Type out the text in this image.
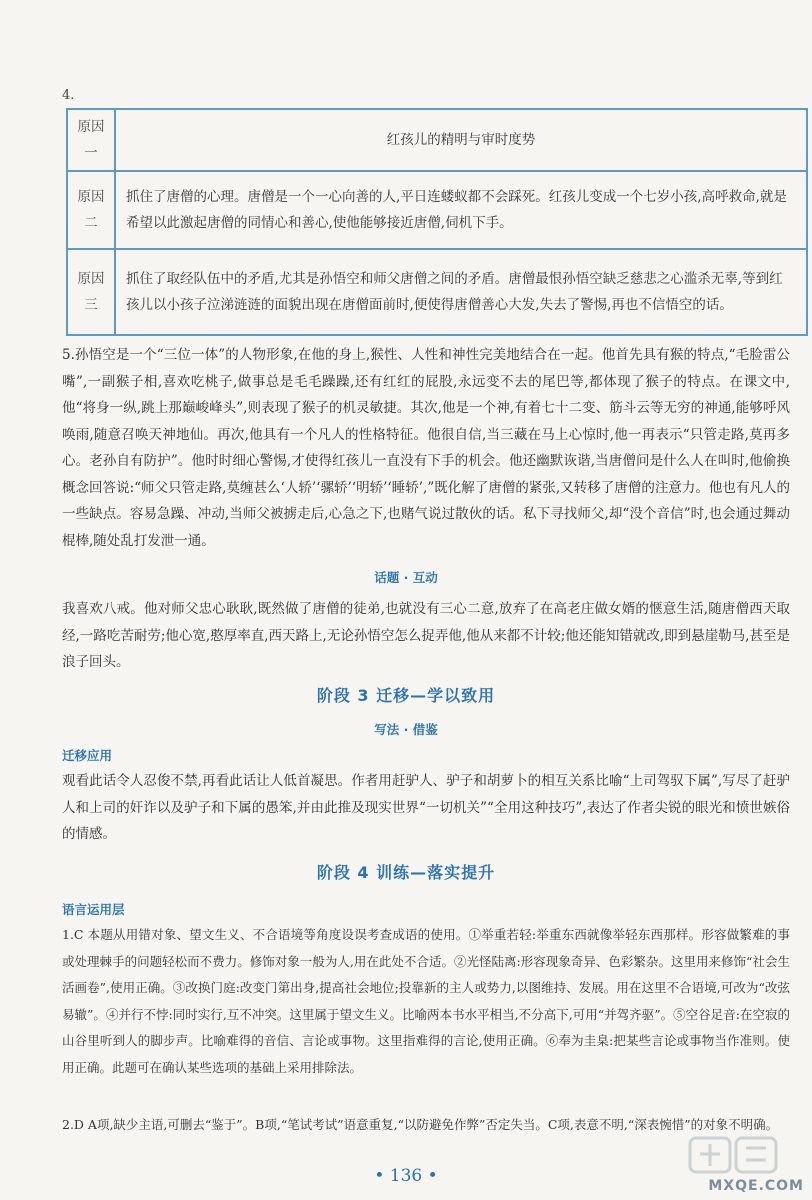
4.
原因一	红孩儿的精明与审时度势
原因二	抓住了唐僧的心理。唐僧是一个一心向善的人,平日连蝼蚁都不会踩死。红孩儿变成一个七岁小孩,高呼救命,就是希望以此激起唐僧的同情心和善心,使他能够接近唐僧,伺机下手。
原因三	抓住了取经队伍中的矛盾,尤其是孙悟空和师父唐僧之间的矛盾。唐僧最恨孙悟空缺乏慈悲之心滥杀无辜,等到红孩儿以小孩子泣涕涟涟的面貌出现在唐僧面前时,便使得唐僧善心大发,失去了警惕,再也不信悟空的话。
5.孙悟空是一个“三位一体”的人物形象,在他的身上,猴性、人性和神性完美地结合在一起。他首先具有猴的特点,“毛脸雷公嘴”,一副猴子相,喜欢吃桃子,做事总是毛毛躁躁,还有红红的屁股,永远变不去的尾巴等,都体现了猴子的特点。在课文中,他“将身一纵,跳上那巅峻峰头”,则表现了猴子的机灵敏捷。其次,他是一个神,有着七十二变、筋斗云等无穷的神通,能够呼风唤雨,随意召唤天神地仙。再次,他具有一个凡人的性格特征。他很自信,当三藏在马上心惊时,他一再表示“只管走路,莫再多心。老孙自有防护”。他时时细心警惕,才使得红孩儿一直没有下手的机会。他还幽默诙谐,当唐僧问是什么人在叫时,他偷换概念回答说:“师父只管走路,莫缠甚么‘人轿’‘骡轿’‘明轿’‘睡轿’,”既化解了唐僧的紧张,又转移了唐僧的注意力。他也有凡人的一些缺点。容易急躁、冲动,当师父被掳走后,心急之下,也赌气说过散伙的话。私下寻找师父,却“没个音信”时,也会通过舞动棍棒,随处乱打发泄一通。
话题 · 互动
我喜欢八戒。他对师父忠心耿耿,既然做了唐僧的徒弟,也就没有三心二意,放弃了在高老庄做女婿的惬意生活,随唐僧西天取经,一路吃苦耐劳;他心宽,憨厚率直,西天路上,无论孙悟空怎么捉弄他,他从来都不计较;他还能知错就改,即到悬崖勒马,甚至是浪子回头。
阶段 3 迁移—学以致用
写法 · 借鉴
迁移应用
观看此话令人忍俊不禁,再看此话让人低首凝思。作者用赶驴人、驴子和胡萝卜的相互关系比喻“上司驾驭下属”,写尽了赶驴人和上司的奸诈以及驴子和下属的愚笨,并由此推及现实世界“一切机关”“全用这种技巧”,表达了作者尖锐的眼光和愤世嫉俗的情感。
阶段 4 训练—落实提升
语言运用层
1.C 本题从用错对象、望文生义、不合语境等角度设误考查成语的使用。①举重若轻:举重东西就像举轻东西那样。形容做繁难的事或处理棘手的问题轻松而不费力。修饰对象一般为人,用在此处不合适。②光怪陆离:形容现象奇异、色彩繁杂。这里用来修饰“社会生活画卷”,使用正确。③改换门庭:改变门第出身,提高社会地位;投靠新的主人或势力,以图维持、发展。用在这里不合语境,可改为“改弦易辙”。④并行不悖:同时实行,互不冲突。这里属于望文生义。比喻两本书水平相当,不分高下,可用“并驾齐驱”。⑤空谷足音:在空寂的山谷里听到人的脚步声。比喻难得的音信、言论或事物。这里指难得的言论,使用正确。⑥奉为圭臬:把某些言论或事物当作准则。使用正确。此题可在确认某些选项的基础上采用排除法。
2.D A项,缺少主语,可删去“鉴于”。B项,“笔试考试”语意重复,“以防避免作弊”否定失当。C项,表意不明,“深表惋惜”的对象不明确。
• 136 •	MXQE.COM
